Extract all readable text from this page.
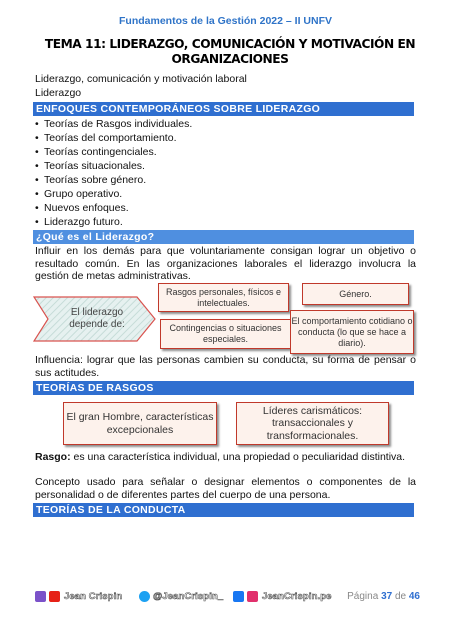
Fundamentos de la Gestión 2022 – II UNFV
TEMA 11: LIDERAZGO, COMUNICACIÓN Y MOTIVACIÓN EN
ORGANIZACIONES
Liderazgo, comunicación y motivación laboral
Liderazgo
ENFOQUES CONTEMPORÁNEOS SOBRE LIDERAZGO
• Teorías de Rasgos individuales.
• Teorías del comportamiento.
• Teorías contingenciales.
• Teorías situacionales.
• Teorías sobre género.
• Grupo operativo.
• Nuevos enfoques.
• Liderazgo futuro.
¿Qué es el Liderazgo?
Influir en los demás para que voluntariamente consigan lograr un objetivo o resultado común. En las organizaciones laborales el liderazgo involucra la gestión de metas administrativas.
El liderazgo depende de:
Rasgos personales, físicos e intelectuales.
Género.
Contingencias o situaciones especiales.
El comportamiento cotidiano o conducta (lo que se hace a diario).
Influencia: lograr que las personas cambien su conducta, su forma de pensar o sus actitudes.
TEORÍAS DE RASGOS
El gran Hombre, características excepcionales
Líderes carismáticos: transaccionales y transformacionales.
Rasgo: es una característica individual, una propiedad o peculiaridad distintiva.
Concepto usado para señalar o designar elementos o componentes de la personalidad o de diferentes partes del cuerpo de una persona.
TEORÍAS DE LA CONDUCTA
Jean Crispin	@JeanCrispin_	JeanCrispin.pe Página 37 de 46
